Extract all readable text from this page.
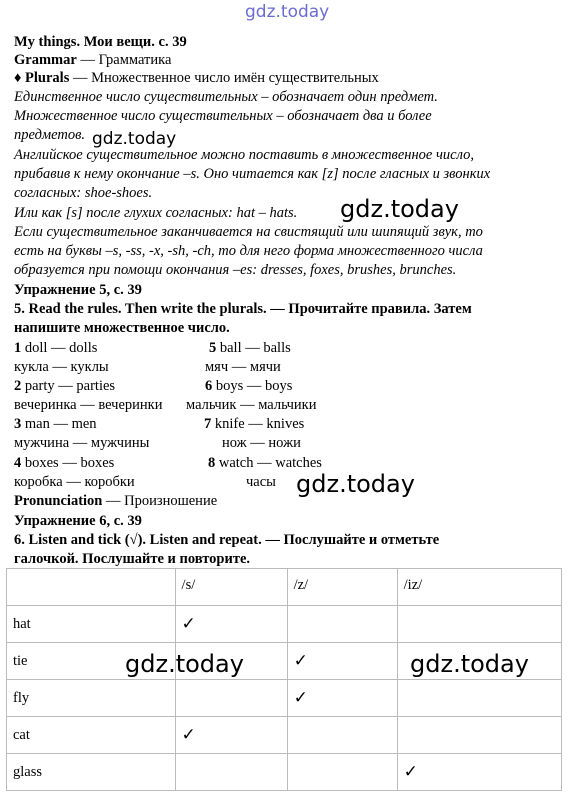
gdz.today
My things. Мои вещи. с. 39
Grammar — Грамматика
♦ Plurals — Множественное число имён существительных
Единственное число существительных – обозначает один предмет.
Множественное число существительных – обозначает два и более
предметов. gdz.today
Английское существительное можно поставить в множественное число,
прибавив к нему окончание –s. Оно читается как [z] после гласных и звонких
согласных: shoe-shoes.
Или как [s] после глухих согласных: hat – hats. gdz.today
Если существительное заканчивается на свистящий или шипящий звук, то
есть на буквы –s, -ss, -x, -sh, -ch, то для него форма множественного числа
образуется при помощи окончания –es: dresses, foxes, brushes, brunches.
Упражнение 5, с. 39
5. Read the rules. Then write the plurals. — Прочитайте правила. Затем
напишите множественное число.
1 doll — dolls
кукла — куклы
2 party — parties
вечеринка — вечеринки
3 man — men
мужчина — мужчины
4 boxes — boxes
коробка — коробки
5 ball — balls
мяч — мячи
6 boys — boys
мальчик — мальчики
7 knife — knives
нож — ножи
8 watch — watches
часы gdz.today
Pronunciation — Произношение
Упражнение 6, с. 39
6. Listen and tick (√). Listen and repeat. — Послушайте и отметьте
галочкой. Послушайте и повторите.
	/s/	/z/	/iz/
hat	✓		
tie		✓	
fly		✓	
cat	✓		
glass			✓
gdz.today	gdz.today
